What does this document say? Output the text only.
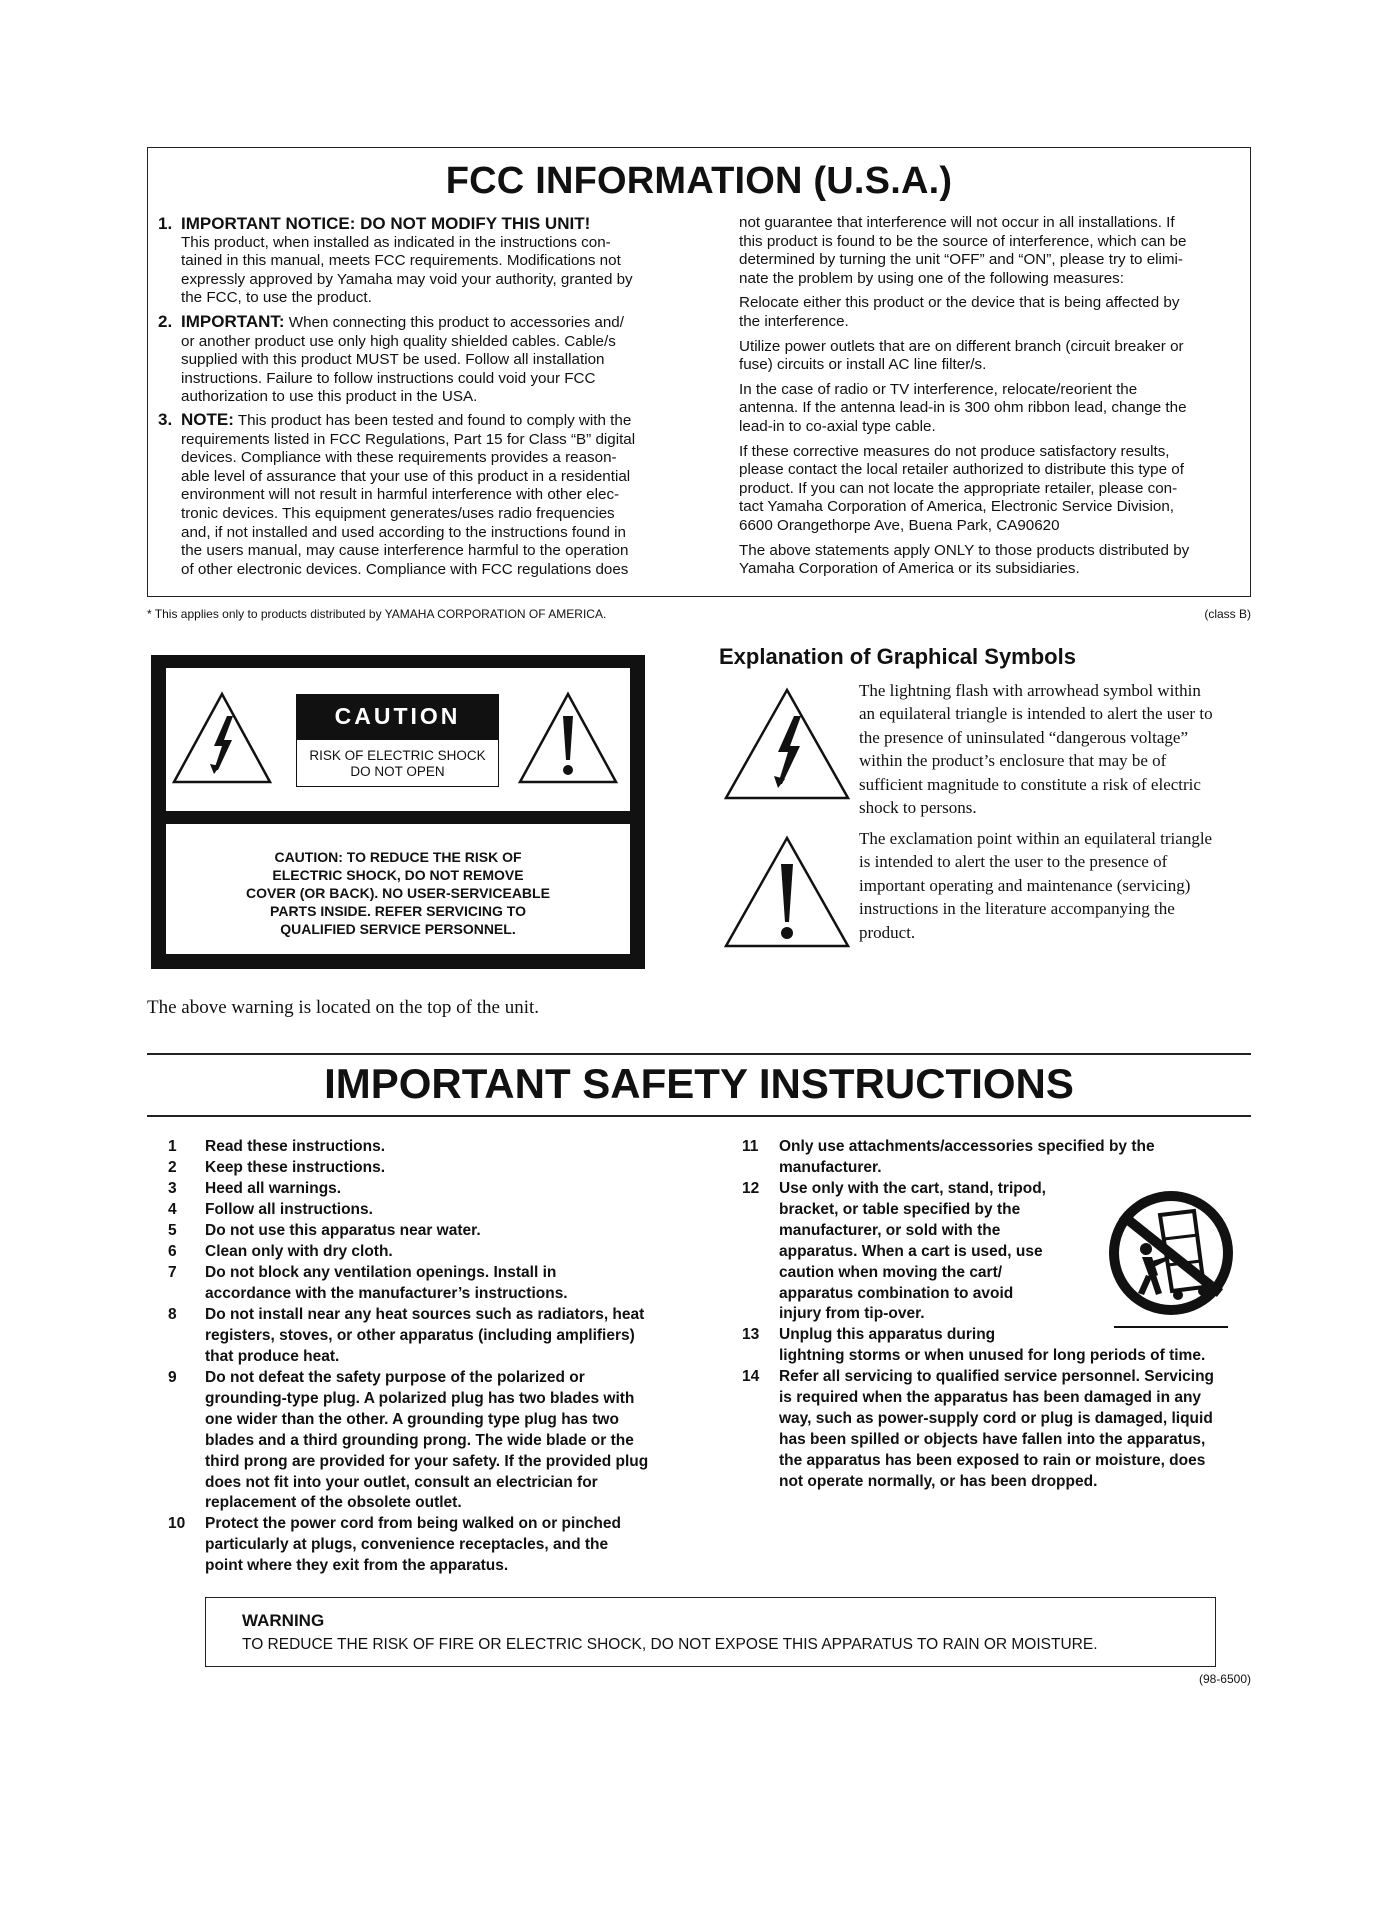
FCC INFORMATION (U.S.A.)
1. IMPORTANT NOTICE: DO NOT MODIFY THIS UNIT!
This product, when installed as indicated in the instructions con-
tained in this manual, meets FCC requirements. Modifications not
expressly approved by Yamaha may void your authority, granted by
the FCC, to use the product.
2. IMPORTANT: When connecting this product to accessories and/
or another product use only high quality shielded cables. Cable/s
supplied with this product MUST be used. Follow all installation
instructions. Failure to follow instructions could void your FCC
authorization to use this product in the USA.
3. NOTE: This product has been tested and found to comply with the
requirements listed in FCC Regulations, Part 15 for Class “B” digital
devices. Compliance with these requirements provides a reason-
able level of assurance that your use of this product in a residential
environment will not result in harmful interference with other elec-
tronic devices. This equipment generates/uses radio frequencies
and, if not installed and used according to the instructions found in
the users manual, may cause interference harmful to the operation
of other electronic devices. Compliance with FCC regulations does

not guarantee that interference will not occur in all installations. If
this product is found to be the source of interference, which can be
determined by turning the unit “OFF” and “ON”, please try to elimi-
nate the problem by using one of the following measures:

Relocate either this product or the device that is being affected by
the interference.

Utilize power outlets that are on different branch (circuit breaker or
fuse) circuits or install AC line filter/s.

In the case of radio or TV interference, relocate/reorient the
antenna. If the antenna lead-in is 300 ohm ribbon lead, change the
lead-in to co-axial type cable.

If these corrective measures do not produce satisfactory results,
please contact the local retailer authorized to distribute this type of
product. If you can not locate the appropriate retailer, please con-
tact Yamaha Corporation of America, Electronic Service Division,
6600 Orangethorpe Ave, Buena Park, CA90620

The above statements apply ONLY to those products distributed by
Yamaha Corporation of America or its subsidiaries.

* This applies only to products distributed by YAMAHA CORPORATION OF AMERICA.	(class B)
CAUTION
RISK OF ELECTRIC SHOCK
DO NOT OPEN
CAUTION: TO REDUCE THE RISK OF
ELECTRIC SHOCK, DO NOT REMOVE
COVER (OR BACK). NO USER-SERVICEABLE
PARTS INSIDE. REFER SERVICING TO
QUALIFIED SERVICE PERSONNEL.
The above warning is located on the top of the unit.
Explanation of Graphical Symbols
The lightning flash with arrowhead symbol within
an equilateral triangle is intended to alert the user to
the presence of uninsulated “dangerous voltage”
within the product’s enclosure that may be of
sufficient magnitude to constitute a risk of electric
shock to persons.
The exclamation point within an equilateral triangle
is intended to alert the user to the presence of
important operating and maintenance (servicing)
instructions in the literature accompanying the
product.
IMPORTANT SAFETY INSTRUCTIONS
1 Read these instructions.
2 Keep these instructions.
3 Heed all warnings.
4 Follow all instructions.
5 Do not use this apparatus near water.
6 Clean only with dry cloth.
7 Do not block any ventilation openings. Install in
accordance with the manufacturer’s instructions.
8 Do not install near any heat sources such as radiators, heat
registers, stoves, or other apparatus (including amplifiers)
that produce heat.
9 Do not defeat the safety purpose of the polarized or
grounding-type plug. A polarized plug has two blades with
one wider than the other. A grounding type plug has two
blades and a third grounding prong. The wide blade or the
third prong are provided for your safety. If the provided plug
does not fit into your outlet, consult an electrician for
replacement of the obsolete outlet.
10 Protect the power cord from being walked on or pinched
particularly at plugs, convenience receptacles, and the
point where they exit from the apparatus.
11 Only use attachments/accessories specified by the
manufacturer.
12 Use only with the cart, stand, tripod,
bracket, or table specified by the
manufacturer, or sold with the
apparatus. When a cart is used, use
caution when moving the cart/
apparatus combination to avoid
injury from tip-over.
13 Unplug this apparatus during
lightning storms or when unused for long periods of time.
14 Refer all servicing to qualified service personnel. Servicing
is required when the apparatus has been damaged in any
way, such as power-supply cord or plug is damaged, liquid
has been spilled or objects have fallen into the apparatus,
the apparatus has been exposed to rain or moisture, does
not operate normally, or has been dropped.
WARNING
TO REDUCE THE RISK OF FIRE OR ELECTRIC SHOCK, DO NOT EXPOSE THIS APPARATUS TO RAIN OR MOISTURE.
(98-6500)
